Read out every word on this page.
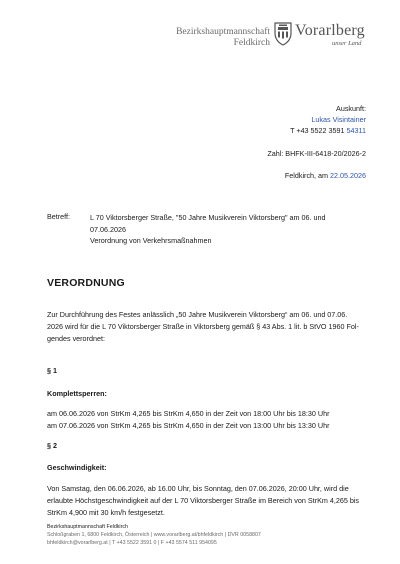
Bezirkshauptmannschaft
Feldkirch
Vorarlberg
unser Land
Auskunft:
Lukas Visintainer
T +43 5522 3591 54311
Zahl: BHFK-III-6418-20/2026-2
Feldkirch, am 22.05.2026
Betreff:	L 70 Viktorsberger Straße, "50 Jahre Musikverein Viktorsberg" am 06. und
07.06.2026
Verordnung von Verkehrsmaßnahmen
VERORDNUNG
Zur Durchführung des Festes anlässlich „50 Jahre Musikverein Viktorsberg“ am 06. und 07.06.
2026 wird für die L 70 Viktorsberger Straße in Viktorsberg gemäß § 43 Abs. 1 lit. b StVO 1960 Fol-
gendes verordnet:
§ 1
Komplettsperren:
am 06.06.2026 von StrKm 4,265 bis StrKm 4,650 in der Zeit von 18:00 Uhr bis 18:30 Uhr
am 07.06.2026 von StrKm 4,265 bis StrKm 4,650 in der Zeit von 13:00 Uhr bis 13:30 Uhr
§ 2
Geschwindigkeit:
Von Samstag, den 06.06.2026, ab 16.00 Uhr, bis Sonntag, den 07.06.2026, 20:00 Uhr, wird die
erlaubte Höchstgeschwindigkeit auf der L 70 Viktorsberger Straße im Bereich von StrKm 4,265 bis
StrKm 4,900 mit 30 km/h festgesetzt.
Bezirkshauptmannschaft Feldkirch
Schloßgraben 1, 6800 Feldkirch, Österreich | www.vorarlberg.at/bhfeldkirch | DVR 0058807
bhfeldkirch@vorarlberg.at | T +43 5522 3591 0 | F +43 5574 511 954095
